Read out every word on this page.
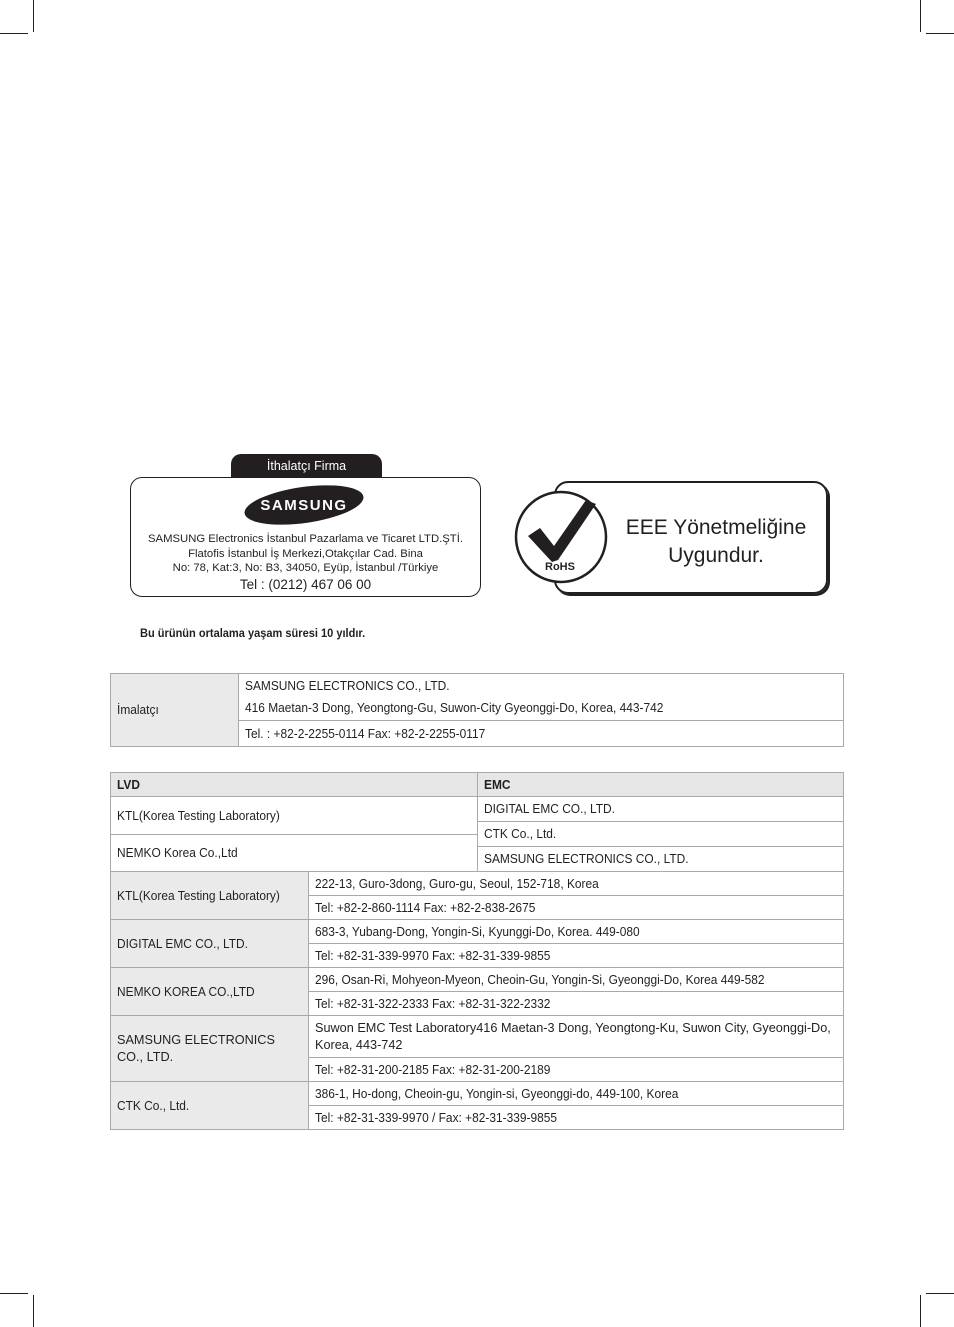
İthalatçı Firma
SAMSUNG
SAMSUNG Electronics İstanbul Pazarlama ve Ticaret LTD.ŞTİ.
Flatofis İstanbul İş Merkezi,Otakçılar Cad. Bina
No: 78, Kat:3, No: B3, 34050, Eyüp, İstanbul /Türkiye
Tel : (0212) 467 06 00
EEE Yönetmeliğine
Uygundur.
RoHS
Bu ürünün ortalama yaşam süresi 10 yıldır.
İmalatçı	SAMSUNG ELECTRONICS CO., LTD.
416 Maetan-3 Dong, Yeongtong-Gu, Suwon-City Gyeonggi-Do, Korea, 443-742
Tel. : +82-2-2255-0114 Fax: +82-2-2255-0117
LVD	EMC
KTL(Korea Testing Laboratory)	DIGITAL EMC CO., LTD.
	CTK Co., Ltd.
NEMKO Korea Co.,Ltd	
	SAMSUNG ELECTRONICS CO., LTD.
KTL(Korea Testing Laboratory)	222-13, Guro-3dong, Guro-gu, Seoul, 152-718, Korea
	Tel: +82-2-860-1114 Fax: +82-2-838-2675
DIGITAL EMC CO., LTD.	683-3, Yubang-Dong, Yongin-Si, Kyunggi-Do, Korea. 449-080
	Tel: +82-31-339-9970 Fax: +82-31-339-9855
NEMKO KOREA CO.,LTD	296, Osan-Ri, Mohyeon-Myeon, Cheoin-Gu, Yongin-Si, Gyeonggi-Do, Korea 449-582
	Tel: +82-31-322-2333 Fax: +82-31-322-2332

SAMSUNG ELECTRONICS CO., LTD.	Suwon EMC Test Laboratory416 Maetan-3 Dong, Yeongtong-Ku, Suwon City, Gyeonggi-Do, Korea, 443-742

	Tel: +82-31-200-2185 Fax: +82-31-200-2189
CTK Co., Ltd.	386-1, Ho-dong, Cheoin-gu, Yongin-si, Gyeonggi-do, 449-100, Korea
	Tel: +82-31-339-9970 / Fax: +82-31-339-9855
